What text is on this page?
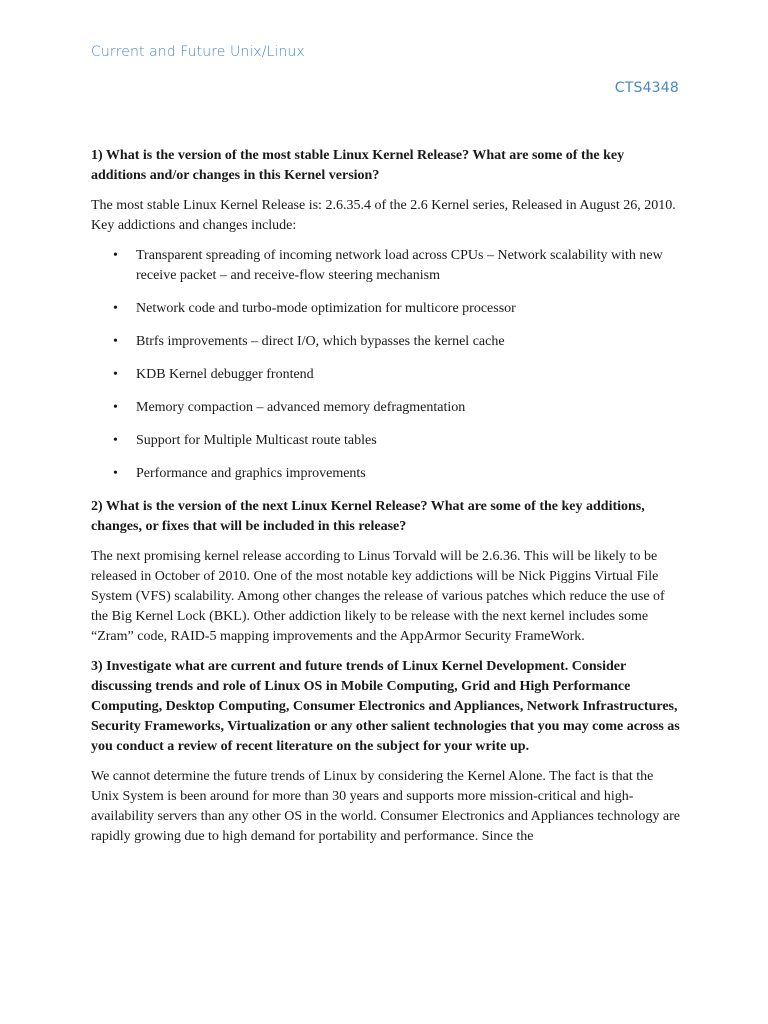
Current and Future Unix/Linux
CTS4348
1) What is the version of the most stable Linux Kernel Release? What are some of the key additions and/or changes in this Kernel version?
The most stable Linux Kernel Release is: 2.6.35.4 of the 2.6 Kernel series, Released in August 26, 2010. Key addictions and changes include:
• Transparent spreading of incoming network load across CPUs – Network scalability with new receive packet – and receive-flow steering mechanism
• Network code and turbo-mode optimization for multicore processor
• Btrfs improvements – direct I/O, which bypasses the kernel cache
• KDB Kernel debugger frontend
• Memory compaction – advanced memory defragmentation
• Support for Multiple Multicast route tables
• Performance and graphics improvements
2) What is the version of the next Linux Kernel Release? What are some of the key additions, changes, or fixes that will be included in this release?
The next promising kernel release according to Linus Torvald will be 2.6.36. This will be likely to be released in October of 2010. One of the most notable key addictions will be Nick Piggins Virtual File System (VFS) scalability. Among other changes the release of various patches which reduce the use of the Big Kernel Lock (BKL). Other addiction likely to be release with the next kernel includes some “Zram” code, RAID-5 mapping improvements and the AppArmor Security FrameWork.
3) Investigate what are current and future trends of Linux Kernel Development. Consider discussing trends and role of Linux OS in Mobile Computing, Grid and High Performance Computing, Desktop Computing, Consumer Electronics and Appliances, Network Infrastructures, Security Frameworks, Virtualization or any other salient technologies that you may come across as you conduct a review of recent literature on the subject for your write up.
We cannot determine the future trends of Linux by considering the Kernel Alone. The fact is that the Unix System is been around for more than 30 years and supports more mission-critical and high-availability servers than any other OS in the world. Consumer Electronics and Appliances technology are rapidly growing due to high demand for portability and performance. Since the
